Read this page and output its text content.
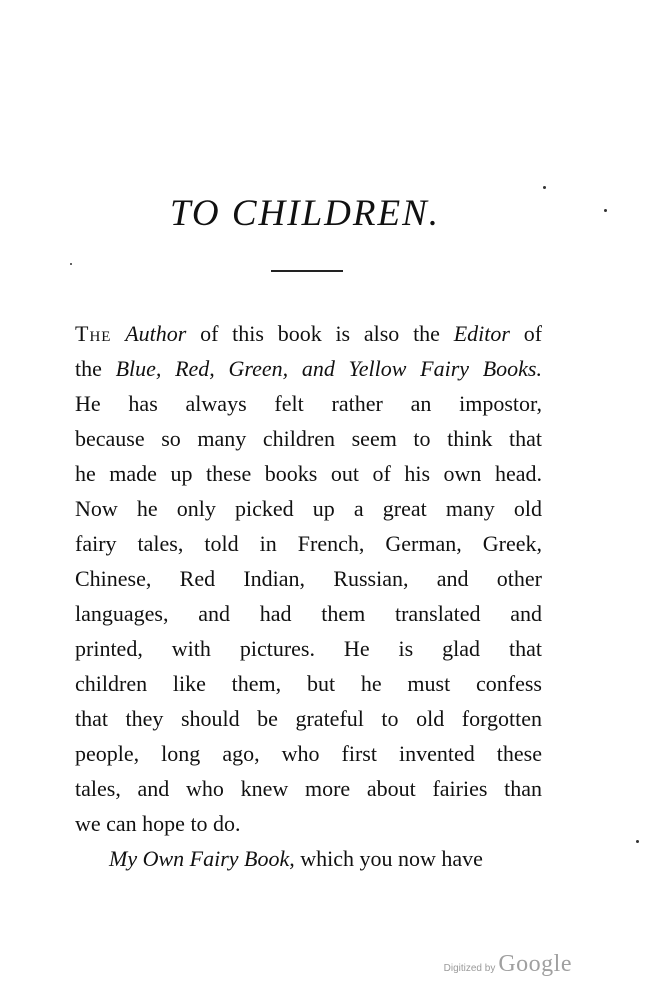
TO CHILDREN.
The Author of this book is also the Editor of
the Blue, Red, Green, and Yellow Fairy Books.
He has always felt rather an impostor,
because so many children seem to think that
he made up these books out of his own head.
Now he only picked up a great many old
fairy tales, told in French, German, Greek,
Chinese, Red Indian, Russian, and other
languages, and had them translated and
printed, with pictures. He is glad that
children like them, but he must confess
that they should be grateful to old forgotten
people, long ago, who first invented these
tales, and who knew more about fairies than
we can hope to do.
My Own Fairy Book, which you now have
Digitized by Google
